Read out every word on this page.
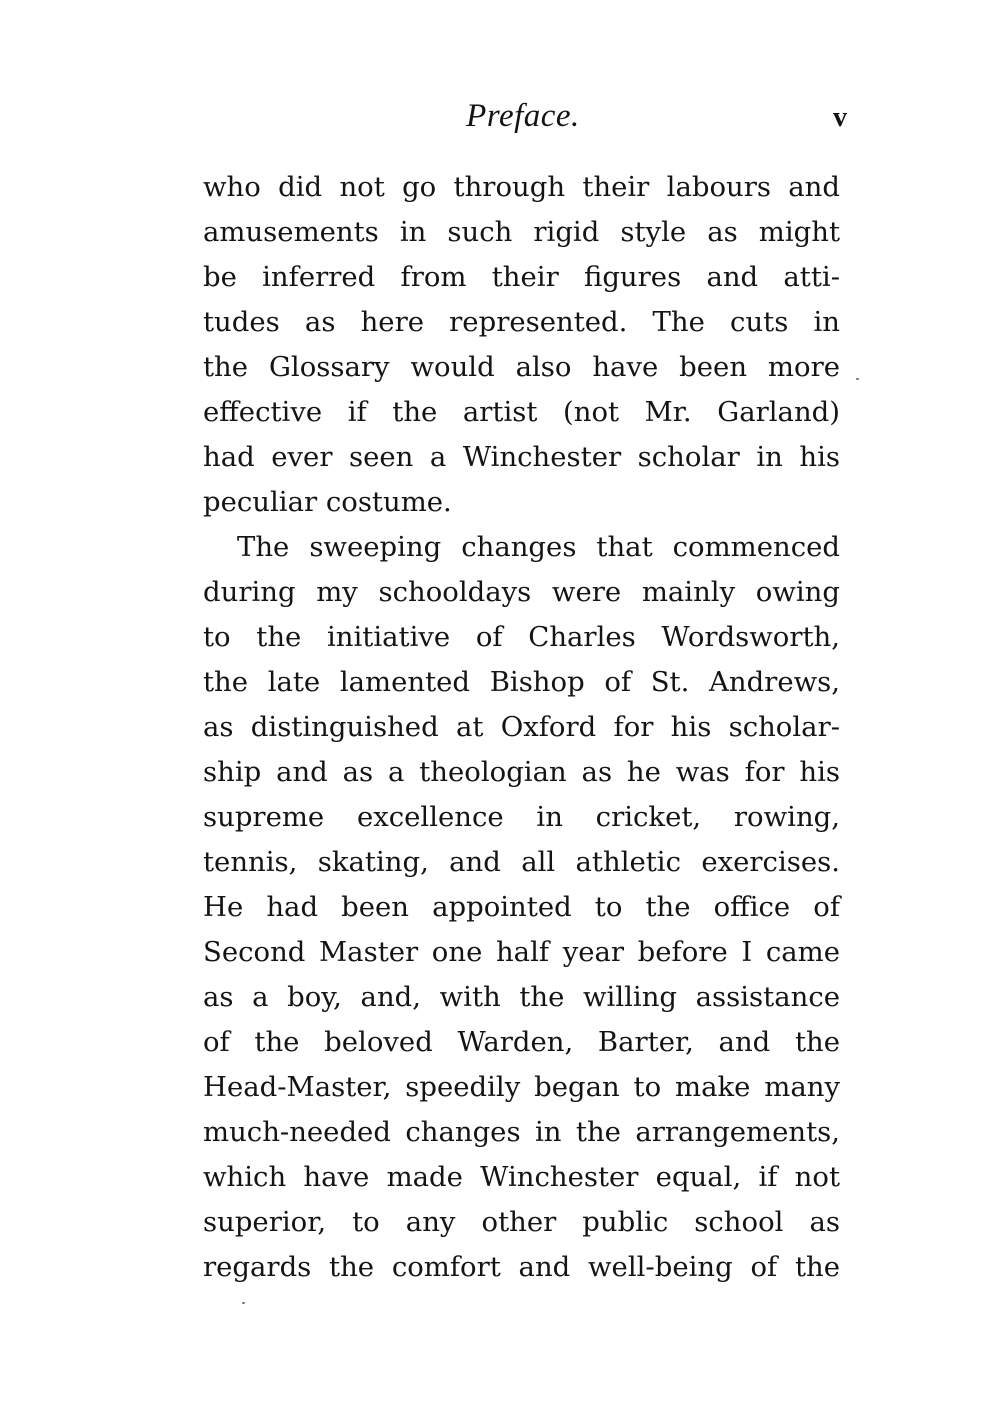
Preface.	v
who did not go through their labours and
amusements in such rigid style as might
be inferred from their figures and atti-
tudes as here represented. The cuts in
the Glossary would also have been more
effective if the artist (not Mr. Garland)
had ever seen a Winchester scholar in his
peculiar costume.
The sweeping changes that commenced
during my schooldays were mainly owing
to the initiative of Charles Wordsworth,
the late lamented Bishop of St. Andrews,
as distinguished at Oxford for his scholar-
ship and as a theologian as he was for his
supreme excellence in cricket, rowing,
tennis, skating, and all athletic exercises.
He had been appointed to the office of
Second Master one half year before I came
as a boy, and, with the willing assistance
of the beloved Warden, Barter, and the
Head-Master, speedily began to make many
much-needed changes in the arrangements,
which have made Winchester equal, if not
superior, to any other public school as
regards the comfort and well-being of the
